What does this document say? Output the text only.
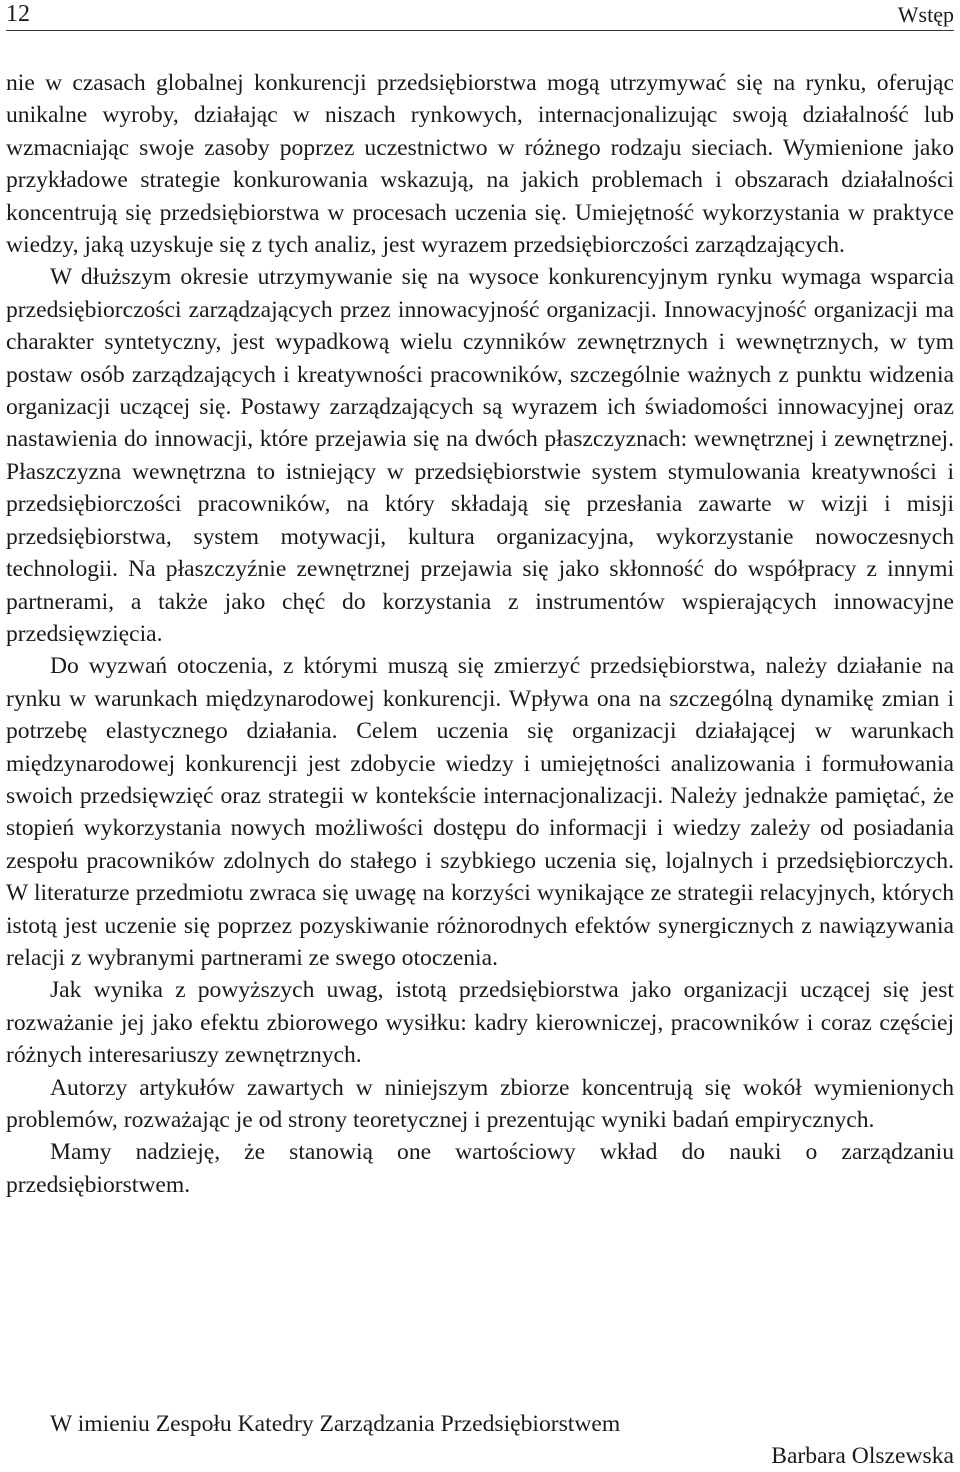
12	Wstęp

nie w czasach globalnej konkurencji przedsiębiorstwa mogą utrzymywać się na rynku, oferując unikalne wyroby, działając w niszach rynkowych, internacjonalizując swoją działalność lub wzmacniając swoje zasoby poprzez uczestnictwo w różnego rodzaju sieciach. Wymienione jako przykładowe strategie konkurowania wskazują, na jakich problemach i obszarach działalności koncentrują się przedsiębiorstwa w procesach uczenia się. Umiejętność wykorzystania w praktyce wiedzy, jaką uzyskuje się z tych analiz, jest wyrazem przedsiębiorczości zarządzających.

W dłuższym okresie utrzymywanie się na wysoce konkurencyjnym rynku wymaga wsparcia przedsiębiorczości zarządzających przez innowacyjność organizacji. Innowacyjność organizacji ma charakter syntetyczny, jest wypadkową wielu czynników zewnętrznych i wewnętrznych, w tym postaw osób zarządzających i kreatywności pracowników, szczególnie ważnych z punktu widzenia organizacji uczącej się. Postawy zarządzających są wyrazem ich świadomości innowacyjnej oraz nastawienia do innowacji, które przejawia się na dwóch płaszczyznach: wewnętrznej i zewnętrznej. Płaszczyzna wewnętrzna to istniejący w przedsiębiorstwie system stymulowania kreatywności i przedsiębiorczości pracowników, na który składają się przesłania zawarte w wizji i misji przedsiębiorstwa, system motywacji, kultura organizacyjna, wykorzystanie nowoczesnych technologii. Na płaszczyźnie zewnętrznej przejawia się jako skłonność do współpracy z innymi partnerami, a także jako chęć do korzystania z instrumentów wspierających innowacyjne przedsięwzięcia.

Do wyzwań otoczenia, z którymi muszą się zmierzyć przedsiębiorstwa, należy działanie na rynku w warunkach międzynarodowej konkurencji. Wpływa ona na szczególną dynamikę zmian i potrzebę elastycznego działania. Celem uczenia się organizacji działającej w warunkach międzynarodowej konkurencji jest zdobycie wiedzy i umiejętności analizowania i formułowania swoich przedsięwzięć oraz strategii w kontekście internacjonalizacji. Należy jednakże pamiętać, że stopień wykorzystania nowych możliwości dostępu do informacji i wiedzy zależy od posiadania zespołu pracowników zdolnych do stałego i szybkiego uczenia się, lojalnych i przedsiębiorczych. W literaturze przedmiotu zwraca się uwagę na korzyści wynikające ze strategii relacyjnych, których istotą jest uczenie się poprzez pozyskiwanie różnorodnych efektów synergicznych z nawiązywania relacji z wybranymi partnerami ze swego otoczenia.

Jak wynika z powyższych uwag, istotą przedsiębiorstwa jako organizacji uczącej się jest rozważanie jej jako efektu zbiorowego wysiłku: kadry kierowniczej, pracowników i coraz częściej różnych interesariuszy zewnętrznych.

Autorzy artykułów zawartych w niniejszym zbiorze koncentrują się wokół wymienionych problemów, rozważając je od strony teoretycznej i prezentując wyniki badań empirycznych.

Mamy nadzieję, że stanowią one wartościowy wkład do nauki o zarządzaniu przedsiębiorstwem.

W imieniu Zespołu Katedry Zarządzania Przedsiębiorstwem
Barbara Olszewska
